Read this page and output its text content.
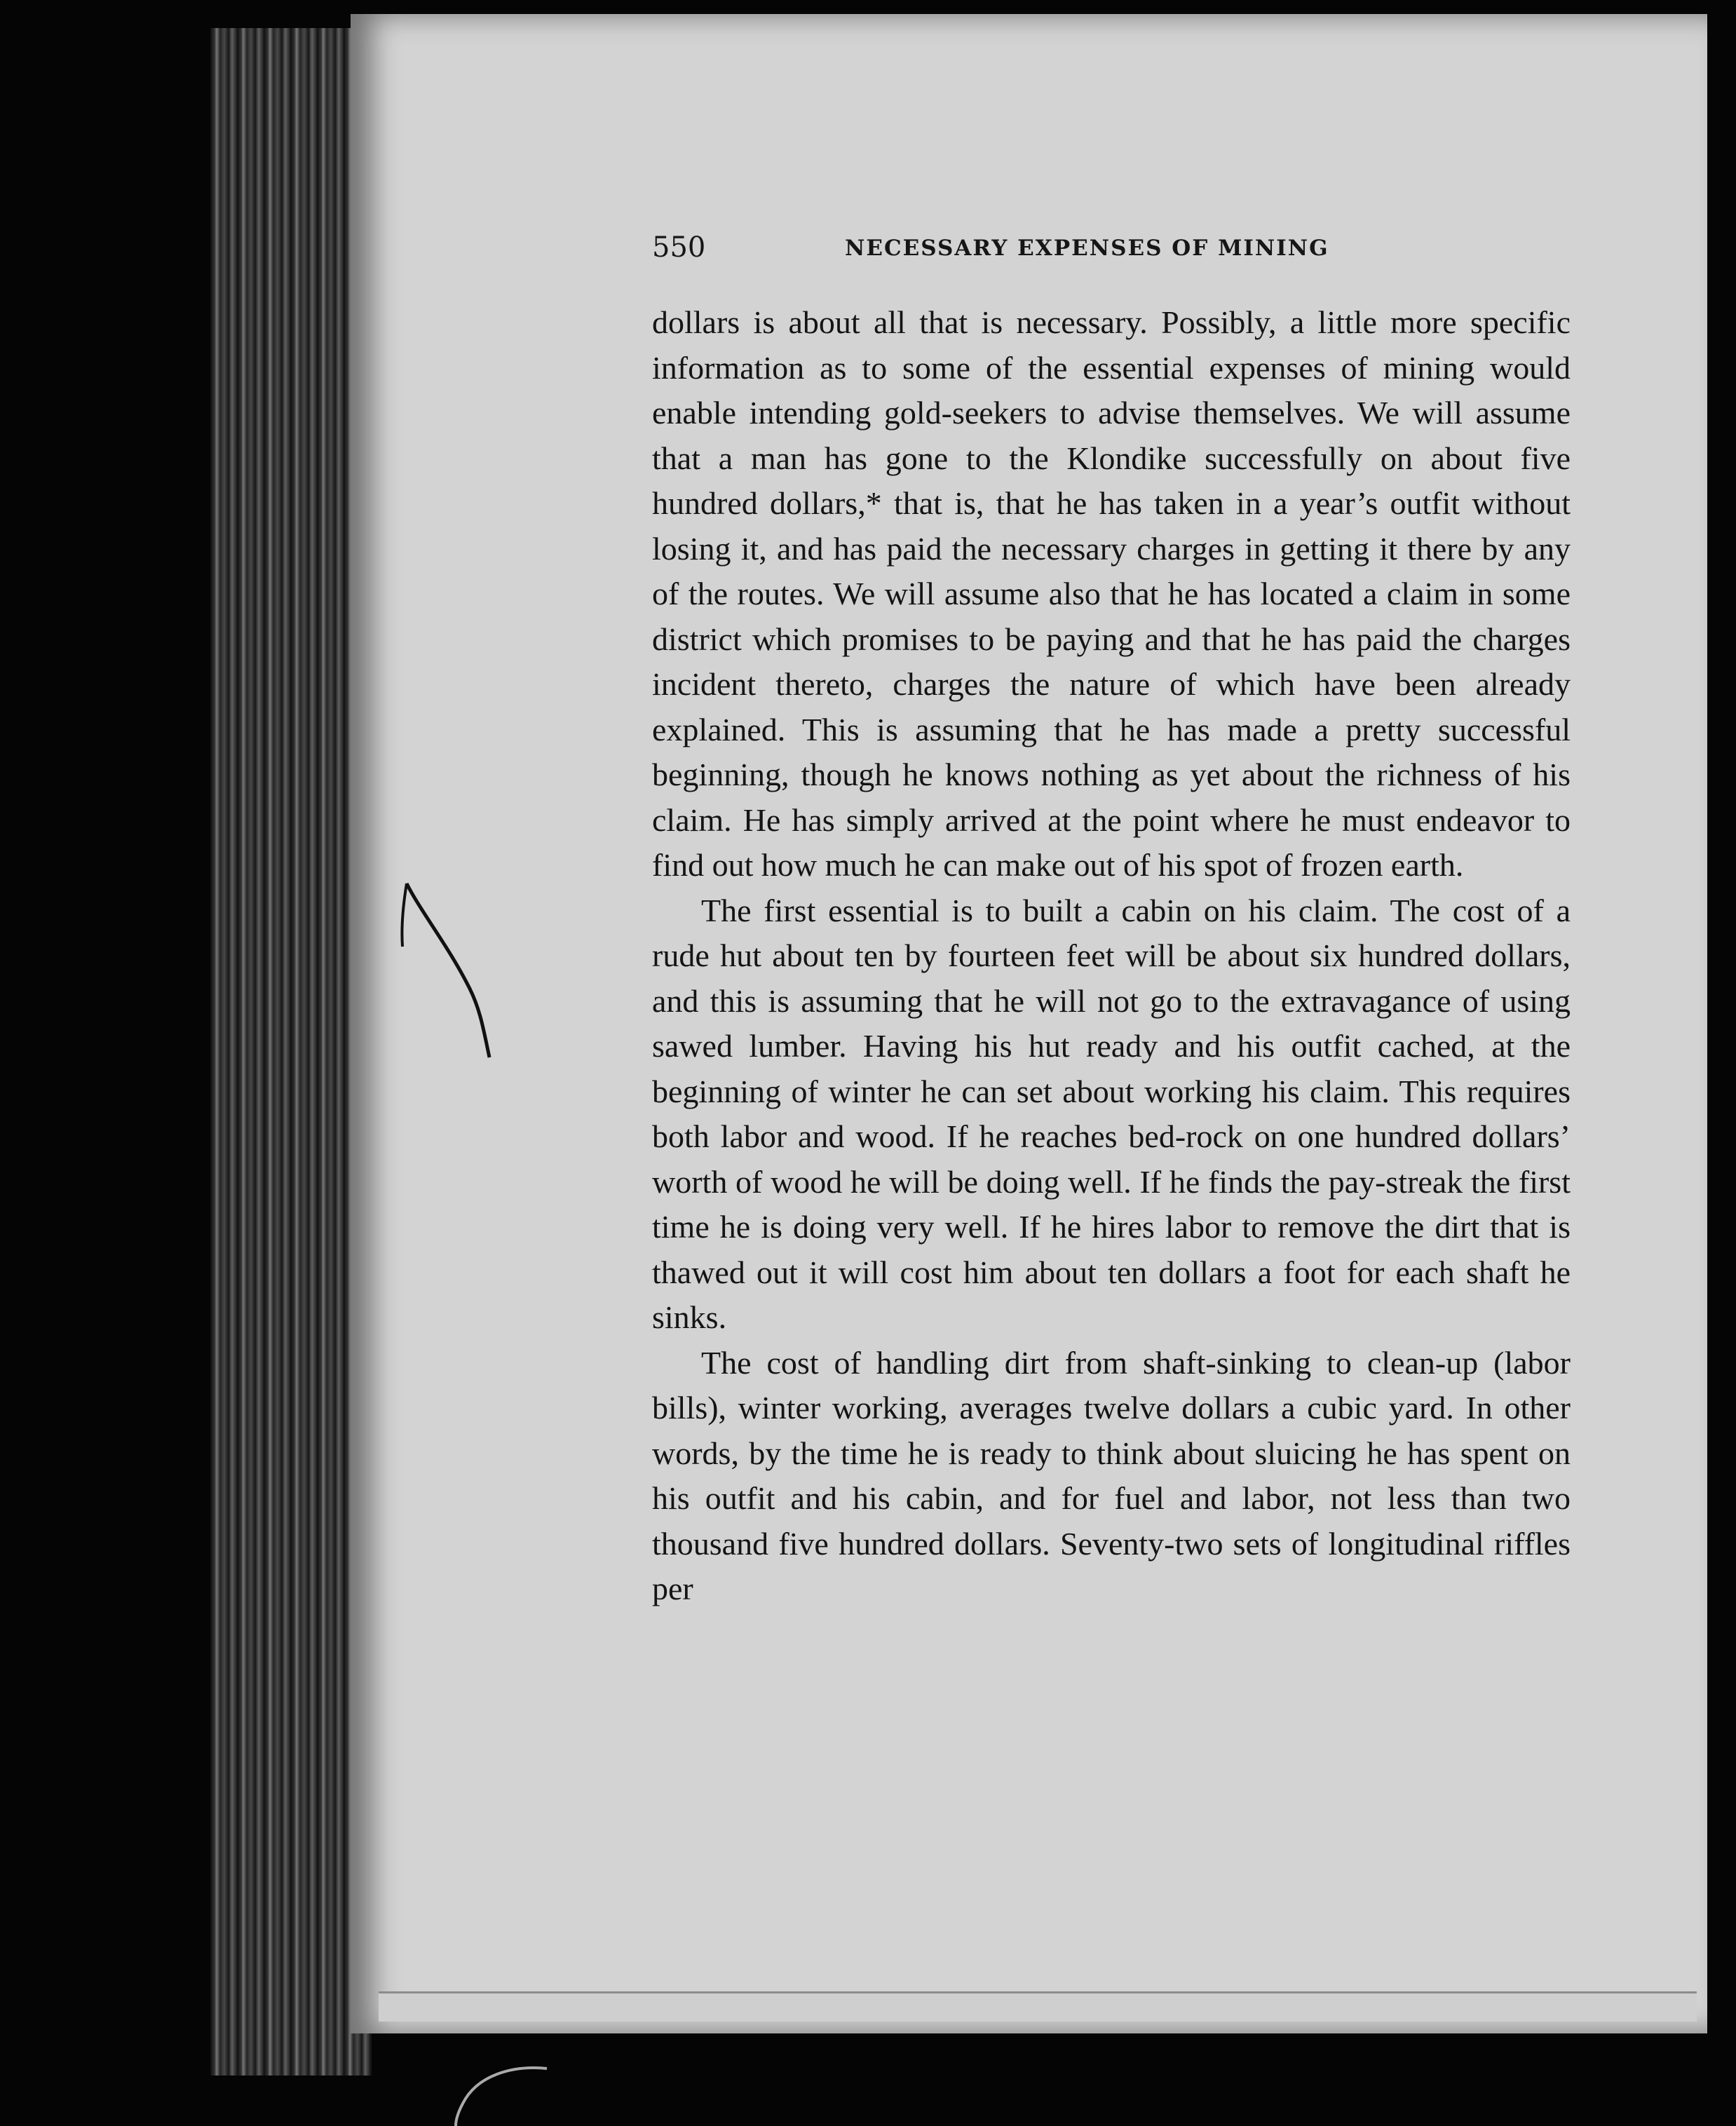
550	NECESSARY EXPENSES OF MINING

dollars is about all that is necessary. Possibly, a little more specific information as to some of the essential expenses of mining would enable intending gold-seekers to advise themselves. We will assume that a man has gone to the Klondike successfully on about five hundred dollars,* that is, that he has taken in a year’s outfit without losing it, and has paid the necessary charges in getting it there by any of the routes. We will assume also that he has located a claim in some district which promises to be paying and that he has paid the charges incident thereto, charges the nature of which have been already explained. This is assuming that he has made a pretty successful beginning, though he knows nothing as yet about the richness of his claim. He has simply arrived at the point where he must endeavor to find out how much he can make out of his spot of frozen earth.

The first essential is to built a cabin on his claim. The cost of a rude hut about ten by fourteen feet will be about six hundred dollars, and this is assuming that he will not go to the extravagance of using sawed lumber. Having his hut ready and his outfit cached, at the beginning of winter he can set about working his claim. This requires both labor and wood. If he reaches bed-rock on one hundred dollars’ worth of wood he will be doing well. If he finds the pay-streak the first time he is doing very well. If he hires labor to remove the dirt that is thawed out it will cost him about ten dollars a foot for each shaft he sinks.

The cost of handling dirt from shaft-sinking to clean-up (labor bills), winter working, averages twelve dollars a cubic yard. In other words, by the time he is ready to think about sluicing he has spent on his outfit and his cabin, and for fuel and labor, not less than two thousand five hundred dollars. Seventy-two sets of longitudinal riffles per
